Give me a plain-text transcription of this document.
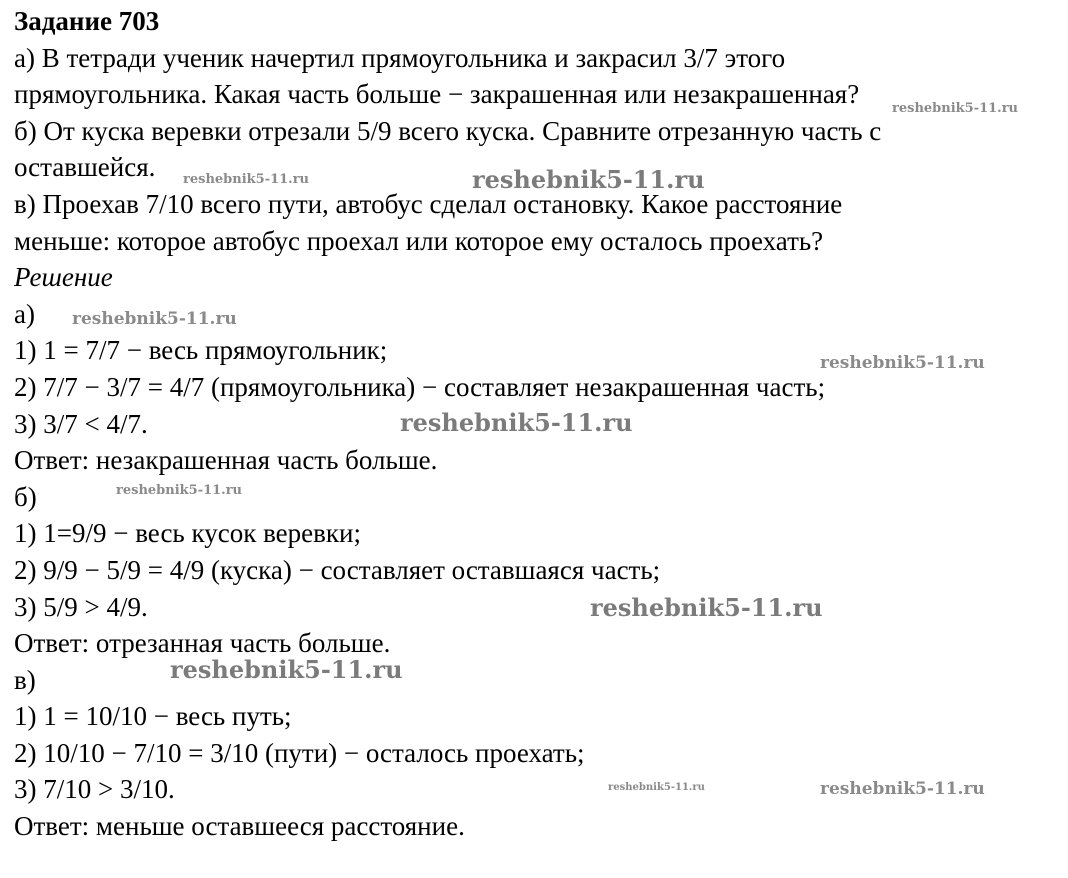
Задание 703
а) В тетради ученик начертил прямоугольника и закрасил 3/7 этого
прямоугольника. Какая часть больше − закрашенная или незакрашенная?
б) От куска веревки отрезали 5/9 всего куска. Сравните отрезанную часть с
оставшейся.
в) Проехав 7/10 всего пути, автобус сделал остановку. Какое расстояние
меньше: которое автобус проехал или которое ему осталось проехать?
Решение
а)
1) 1 = 7/7 − весь прямоугольник;
2) 7/7 − 3/7 = 4/7 (прямоугольника) − составляет незакрашенная часть;
3) 3/7 < 4/7.
Ответ: незакрашенная часть больше.
б)
1) 1=9/9 − весь кусок веревки;
2) 9/9 − 5/9 = 4/9 (куска) − составляет оставшаяся часть;
3) 5/9 > 4/9.
Ответ: отрезанная часть больше.
в)
1) 1 = 10/10 − весь путь;
2) 10/10 − 7/10 = 3/10 (пути) − осталось проехать;
3) 7/10 > 3/10.
Ответ: меньше оставшееся расстояние.
reshebnik5-11.ru
reshebnik5-11.ru	reshebnik5-11.ru
reshebnik5-11.ru
reshebnik5-11.ru
reshebnik5-11.ru
reshebnik5-11.ru
reshebnik5-11.ru
reshebnik5-11.ru
reshebnik5-11.ru	reshebnik5-11.ru
